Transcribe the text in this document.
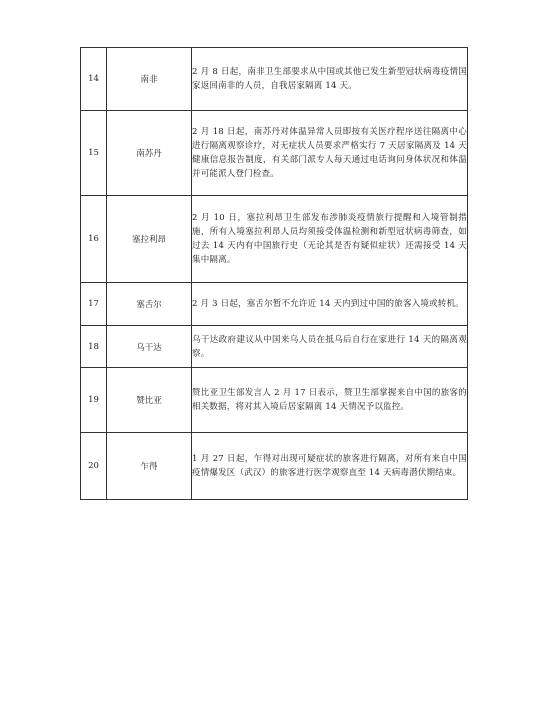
14	南非	2 月 8 日起，南非卫生部要求从中国或其他已发生新型冠状病毒疫情国家返回南非的人员，自我居家隔离 14 天。
15	南苏丹	2 月 18 日起，南苏丹对体温异常人员即按有关医疗程序送往隔离中心进行隔离观察诊疗，对无症状人员要求严格实行 7 天居家隔离及 14 天健康信息报告制度，有关部门派专人每天通过电话询问身体状况和体温并可能派人登门检查。
16	塞拉利昂	2 月 10 日，塞拉利昂卫生部发布涉肺炎疫情旅行提醒和入境管制措施，所有入境塞拉利昂人员均须接受体温检测和新型冠状病毒筛查，如过去 14 天内有中国旅行史（无论其是否有疑似症状）还需接受 14 天集中隔离。
17	塞舌尔	2 月 3 日起，塞舌尔暂不允许近 14 天内到过中国的旅客入境或转机。
18	乌干达	乌干达政府建议从中国来乌人员在抵乌后自行在家进行 14 天的隔离观察。
19	赞比亚	赞比亚卫生部发言人 2 月 17 日表示，赞卫生部掌握来自中国的旅客的相关数据，将对其入境后居家隔离 14 天情况予以监控。
20	乍得	1 月 27 日起，乍得对出现可疑症状的旅客进行隔离，对所有来自中国疫情爆发区（武汉）的旅客进行医学观察直至 14 天病毒潜伏期结束。
